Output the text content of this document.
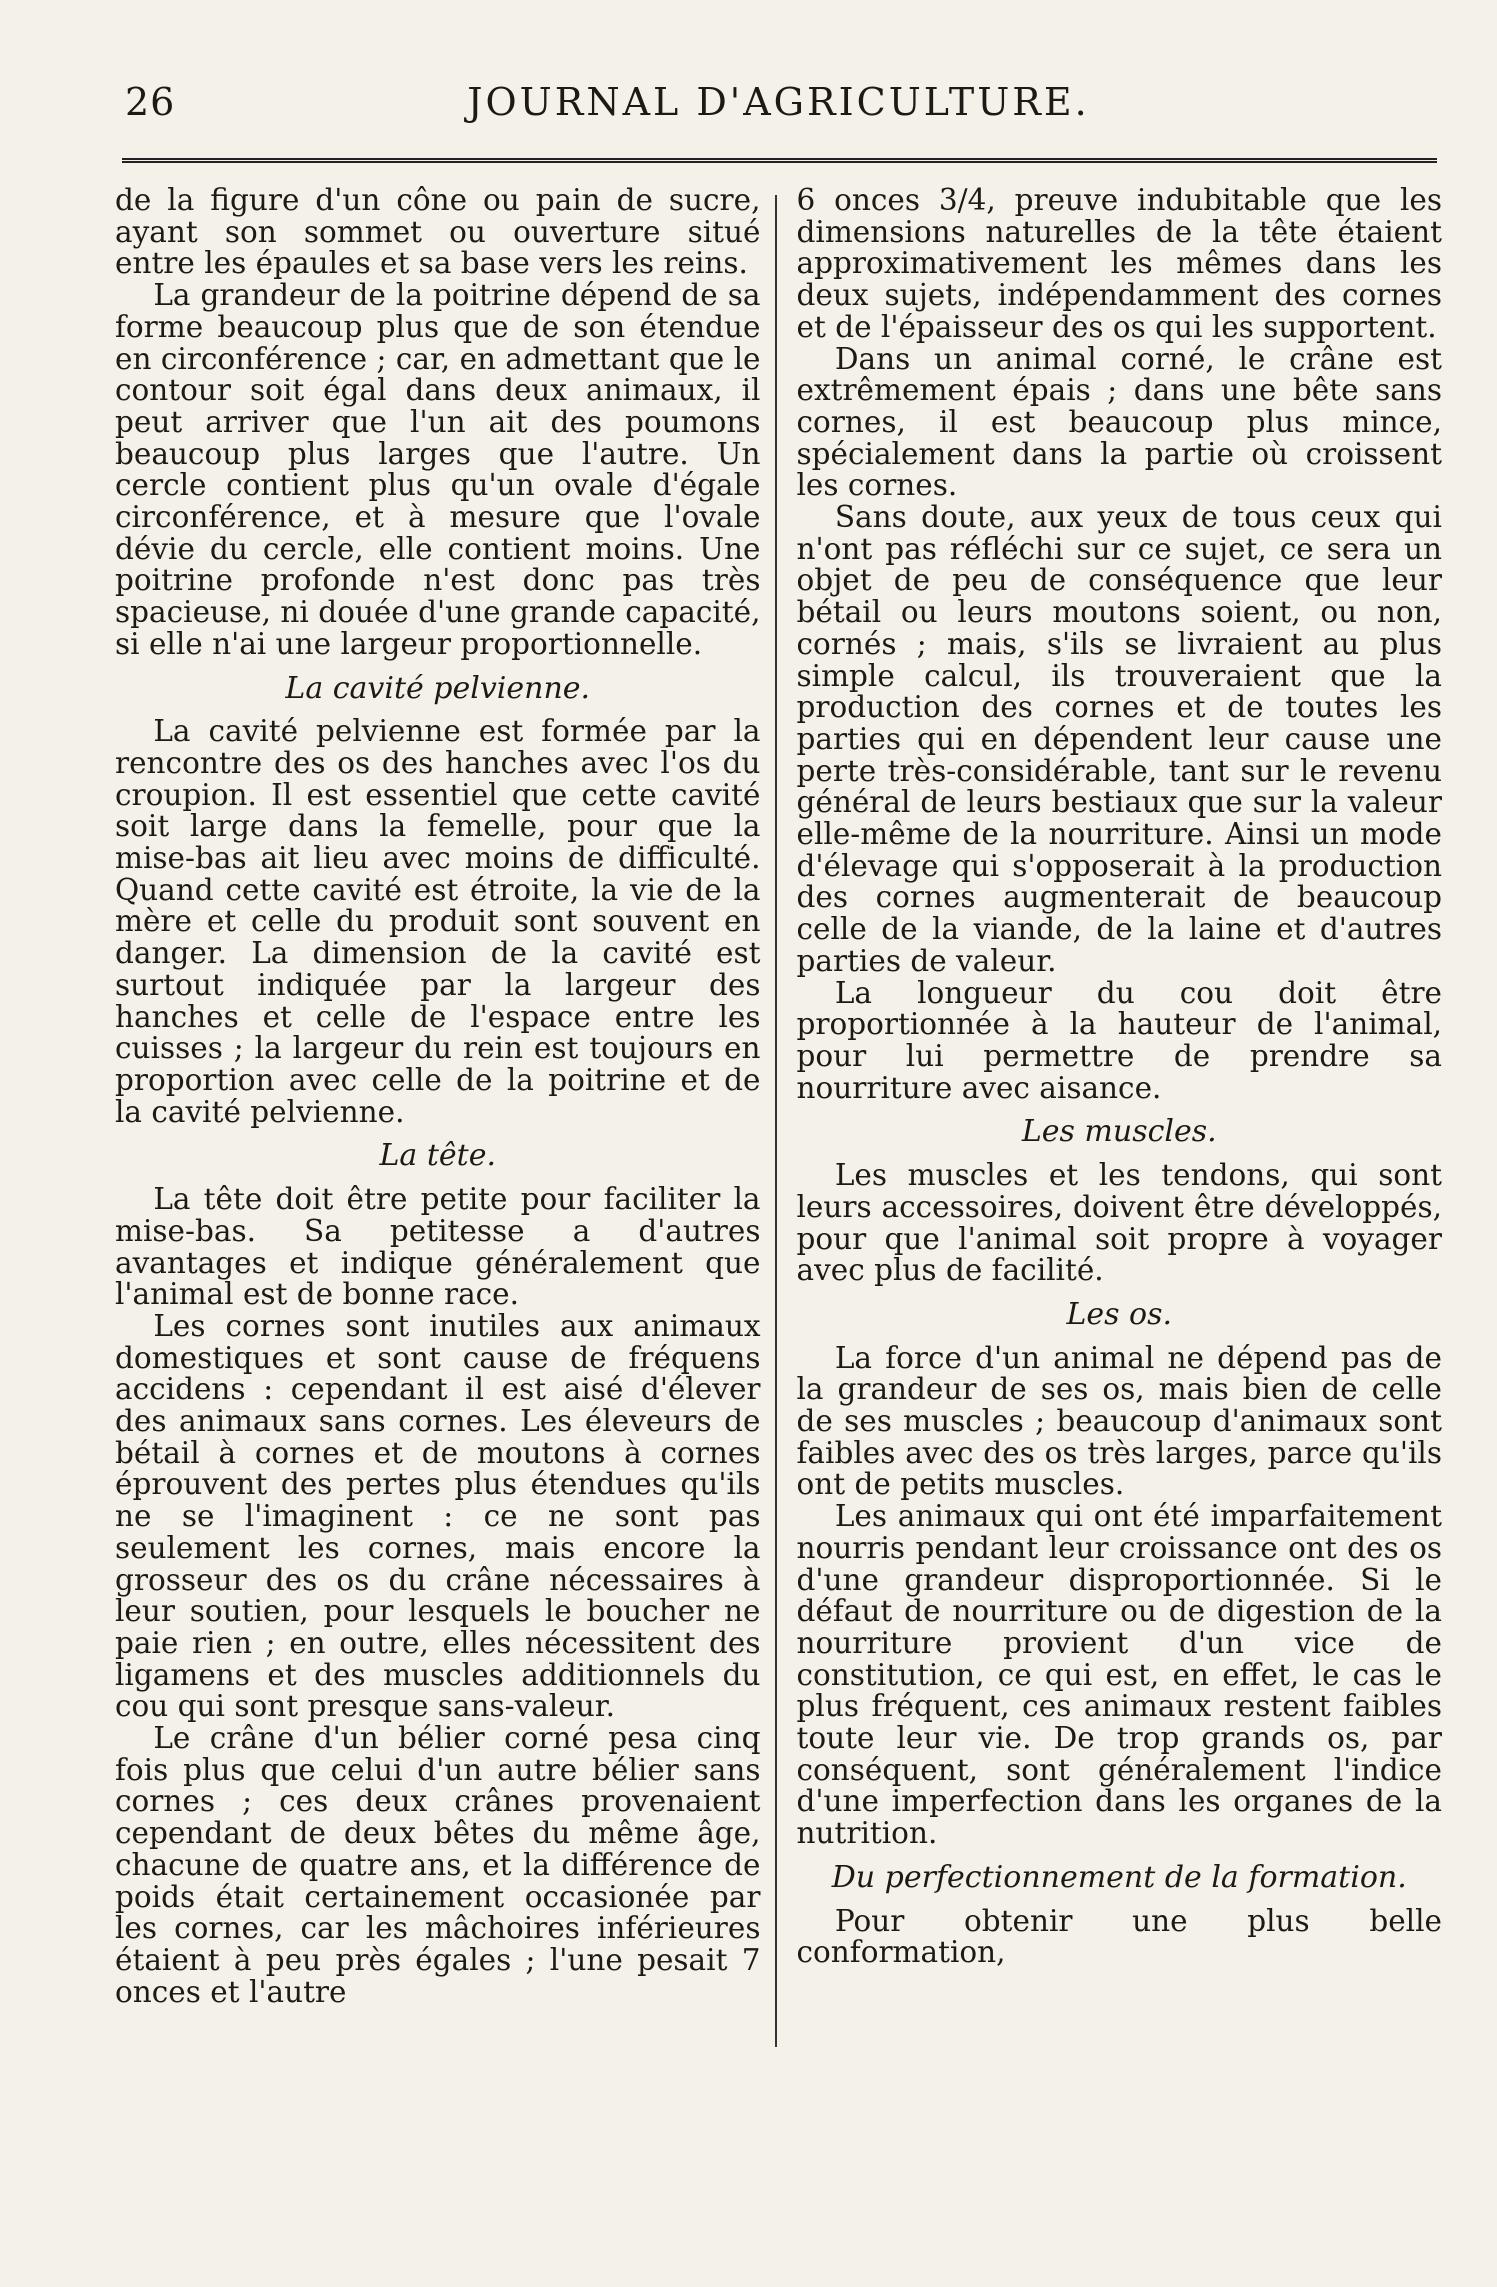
26	JOURNAL D'AGRICULTURE.

de la figure d'un cône ou pain de sucre, ayant son sommet ou ouverture situé entre les épaules et sa base vers les reins.

La grandeur de la poitrine dépend de sa forme beaucoup plus que de son étendue en circonférence ; car, en admettant que le contour soit égal dans deux animaux, il peut arriver que l'un ait des poumons beaucoup plus larges que l'autre. Un cercle contient plus qu'un ovale d'égale circonférence, et à mesure que l'ovale dévie du cercle, elle contient moins. Une poitrine profonde n'est donc pas très spacieuse, ni douée d'une grande capacité, si elle n'ai une largeur proportionnelle.

La cavité pelvienne.

La cavité pelvienne est formée par la rencontre des os des hanches avec l'os du croupion. Il est essentiel que cette cavité soit large dans la femelle, pour que la mise-bas ait lieu avec moins de difficulté. Quand cette cavité est étroite, la vie de la mère et celle du produit sont souvent en danger. La dimension de la cavité est surtout indiquée par la largeur des hanches et celle de l'espace entre les cuisses ; la largeur du rein est toujours en proportion avec celle de la poitrine et de la cavité pelvienne.

La tête.

La tête doit être petite pour faciliter la mise-bas. Sa petitesse a d'autres avantages et indique généralement que l'animal est de bonne race.

Les cornes sont inutiles aux animaux domestiques et sont cause de fréquens accidens : cependant il est aisé d'élever des animaux sans cornes. Les éleveurs de bétail à cornes et de moutons à cornes éprouvent des pertes plus étendues qu'ils ne se l'imaginent : ce ne sont pas seulement les cornes, mais encore la grosseur des os du crâne nécessaires à leur soutien, pour lesquels le boucher ne paie rien ; en outre, elles nécessitent des ligamens et des muscles additionnels du cou qui sont presque sans-valeur.

Le crâne d'un bélier corné pesa cinq fois plus que celui d'un autre bélier sans cornes ; ces deux crânes provenaient cependant de deux bêtes du même âge, chacune de quatre ans, et la différence de poids était certainement occasionée par les cornes, car les mâchoires inférieures étaient à peu près égales ; l'une pesait 7 onces et l'autre

6 onces 3/4, preuve indubitable que les dimensions naturelles de la tête étaient approximativement les mêmes dans les deux sujets, indépendamment des cornes et de l'épaisseur des os qui les supportent.

Dans un animal corné, le crâne est extrêmement épais ; dans une bête sans cornes, il est beaucoup plus mince, spécialement dans la partie où croissent les cornes.

Sans doute, aux yeux de tous ceux qui n'ont pas réfléchi sur ce sujet, ce sera un objet de peu de conséquence que leur bétail ou leurs moutons soient, ou non, cornés ; mais, s'ils se livraient au plus simple calcul, ils trouveraient que la production des cornes et de toutes les parties qui en dépendent leur cause une perte très-considérable, tant sur le revenu général de leurs bestiaux que sur la valeur elle-même de la nourriture. Ainsi un mode d'élevage qui s'opposerait à la production des cornes augmenterait de beaucoup celle de la viande, de la laine et d'autres parties de valeur.

La longueur du cou doit être proportionnée à la hauteur de l'animal, pour lui permettre de prendre sa nourriture avec aisance.

Les muscles.

Les muscles et les tendons, qui sont leurs accessoires, doivent être développés, pour que l'animal soit propre à voyager avec plus de facilité.

Les os.

La force d'un animal ne dépend pas de la grandeur de ses os, mais bien de celle de ses muscles ; beaucoup d'animaux sont faibles avec des os très larges, parce qu'ils ont de petits muscles.

Les animaux qui ont été imparfaitement nourris pendant leur croissance ont des os d'une grandeur disproportionnée. Si le défaut de nourriture ou de digestion de la nourriture provient d'un vice de constitution, ce qui est, en effet, le cas le plus fréquent, ces animaux restent faibles toute leur vie. De trop grands os, par conséquent, sont généralement l'indice d'une imperfection dans les organes de la nutrition.

Du perfectionnement de la formation.

Pour obtenir une plus belle conformation,
